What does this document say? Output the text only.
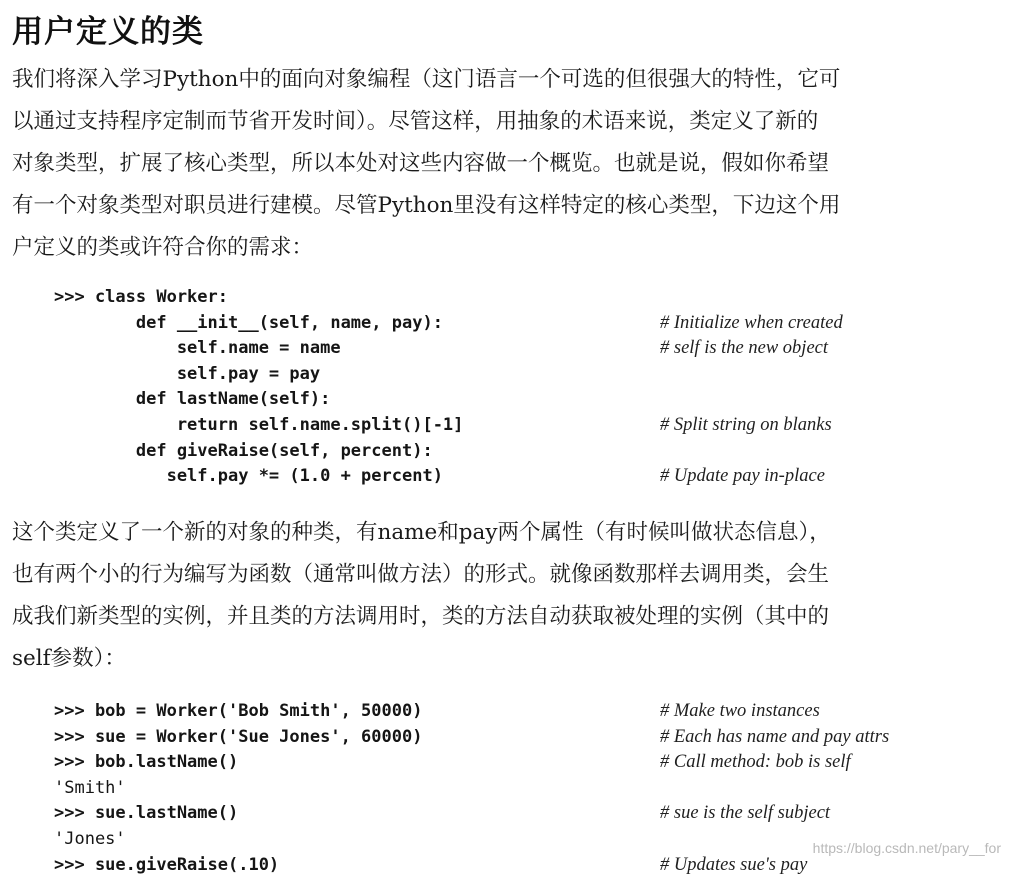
用户定义的类
我们将深入学习Python中的面向对象编程（这门语言一个可选的但很强大的特性，它可
以通过支持程序定制而节省开发时间）。尽管这样，用抽象的术语来说，类定义了新的
对象类型，扩展了核心类型，所以本处对这些内容做一个概览。也就是说，假如你希望
有一个对象类型对职员进行建模。尽管Python里没有这样特定的核心类型，下边这个用
户定义的类或许符合你的需求：
>>> class Worker:
def __init__(self, name, pay):	# Initialize when created
self.name = name	# self is the new object
self.pay = pay
def lastName(self):
return self.name.split()[-1]	# Split string on blanks
def giveRaise(self, percent):
self.pay *= (1.0 + percent)	# Update pay in-place
这个类定义了一个新的对象的种类，有name和pay两个属性（有时候叫做状态信息），
也有两个小的行为编写为函数（通常叫做方法）的形式。就像函数那样去调用类，会生
成我们新类型的实例，并且类的方法调用时，类的方法自动获取被处理的实例（其中的
self参数）：
>>> bob = Worker('Bob Smith', 50000)	# Make two instances
>>> sue = Worker('Sue Jones', 60000)	# Each has name and pay attrs
>>> bob.lastName()	# Call method: bob is self
'Smith'
>>> sue.lastName()	# sue is the self subject
'Jones'
>>> sue.giveRaise(.10)	# Updates sue's pay
https://blog.csdn.net/pary__for
